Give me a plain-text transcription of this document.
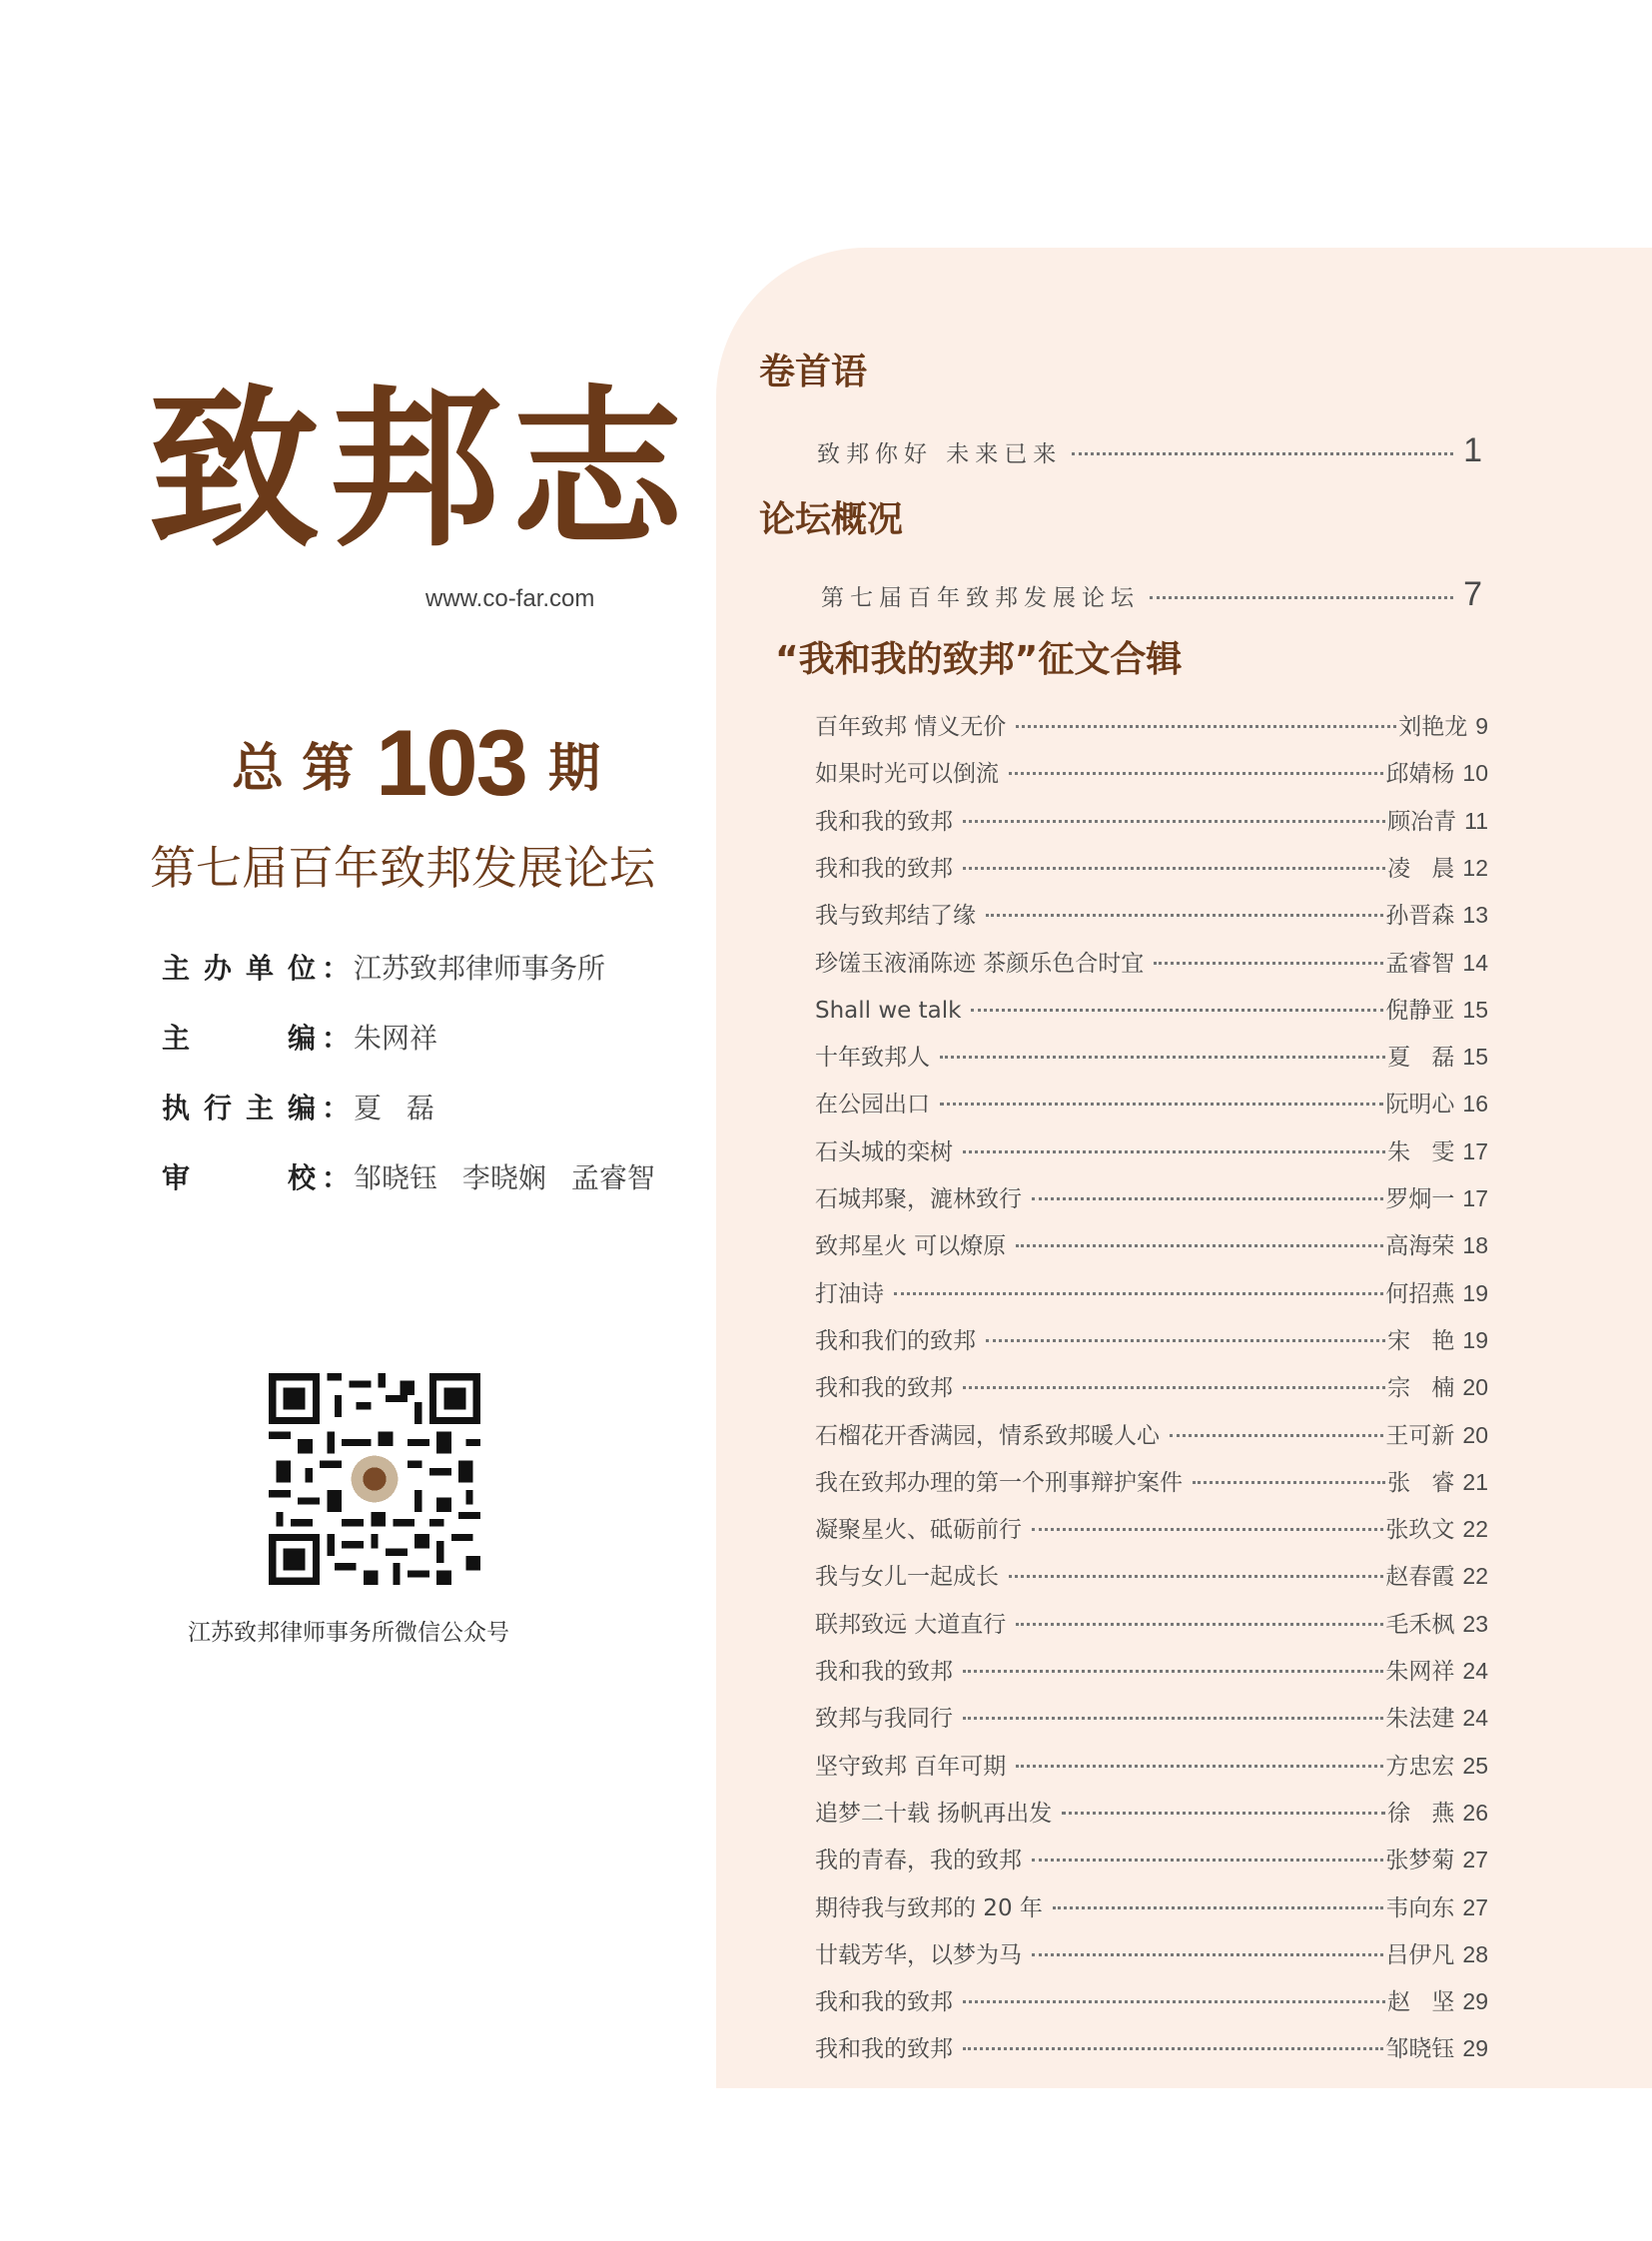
致邦志
www.co-far.com
总 第 103 期
第七届百年致邦发展论坛
主办单位 ： 江苏致邦律师事务所
主编 ： 朱网祥
执行主编 ： 夏 磊
审校 ： 邹晓钰 李晓娴 孟睿智
江苏致邦律师事务所微信公众号
卷首语
致邦你好 未来已来	1
论坛概况
第七届百年致邦发展论坛	7
“我和我的致邦”征文合辑
百年致邦 情义无价	刘艳龙 9
如果时光可以倒流	邱婧杨 10
我和我的致邦	顾冶青 11
我和我的致邦	凌 晨 12
我与致邦结了缘	孙晋森 13
珍馐玉液涌陈迹 茶颜乐色合时宜	孟睿智 14
Shall we talk	倪静亚 15
十年致邦人	夏 磊 15
在公园出口	阮明心 16
石头城的栾树	朱 雯 17
石城邦聚，漉林致行	罗炯一 17
致邦星火 可以燎原	高海荣 18
打油诗	何招燕 19
我和我们的致邦	宋 艳 19
我和我的致邦	宗 楠 20
石榴花开香满园，情系致邦暖人心	王可新 20
我在致邦办理的第一个刑事辩护案件	张 睿 21
凝聚星火、砥砺前行	张玖文 22
我与女儿一起成长	赵春霞 22
联邦致远 大道直行	毛禾枫 23
我和我的致邦	朱网祥 24
致邦与我同行	朱法建 24
坚守致邦 百年可期	方忠宏 25
追梦二十载 扬帆再出发	徐 燕 26
我的青春，我的致邦	张梦菊 27
期待我与致邦的 20 年	韦向东 27
廿载芳华，以梦为马	吕伊凡 28
我和我的致邦	赵 坚 29
我和我的致邦	邹晓钰 29
